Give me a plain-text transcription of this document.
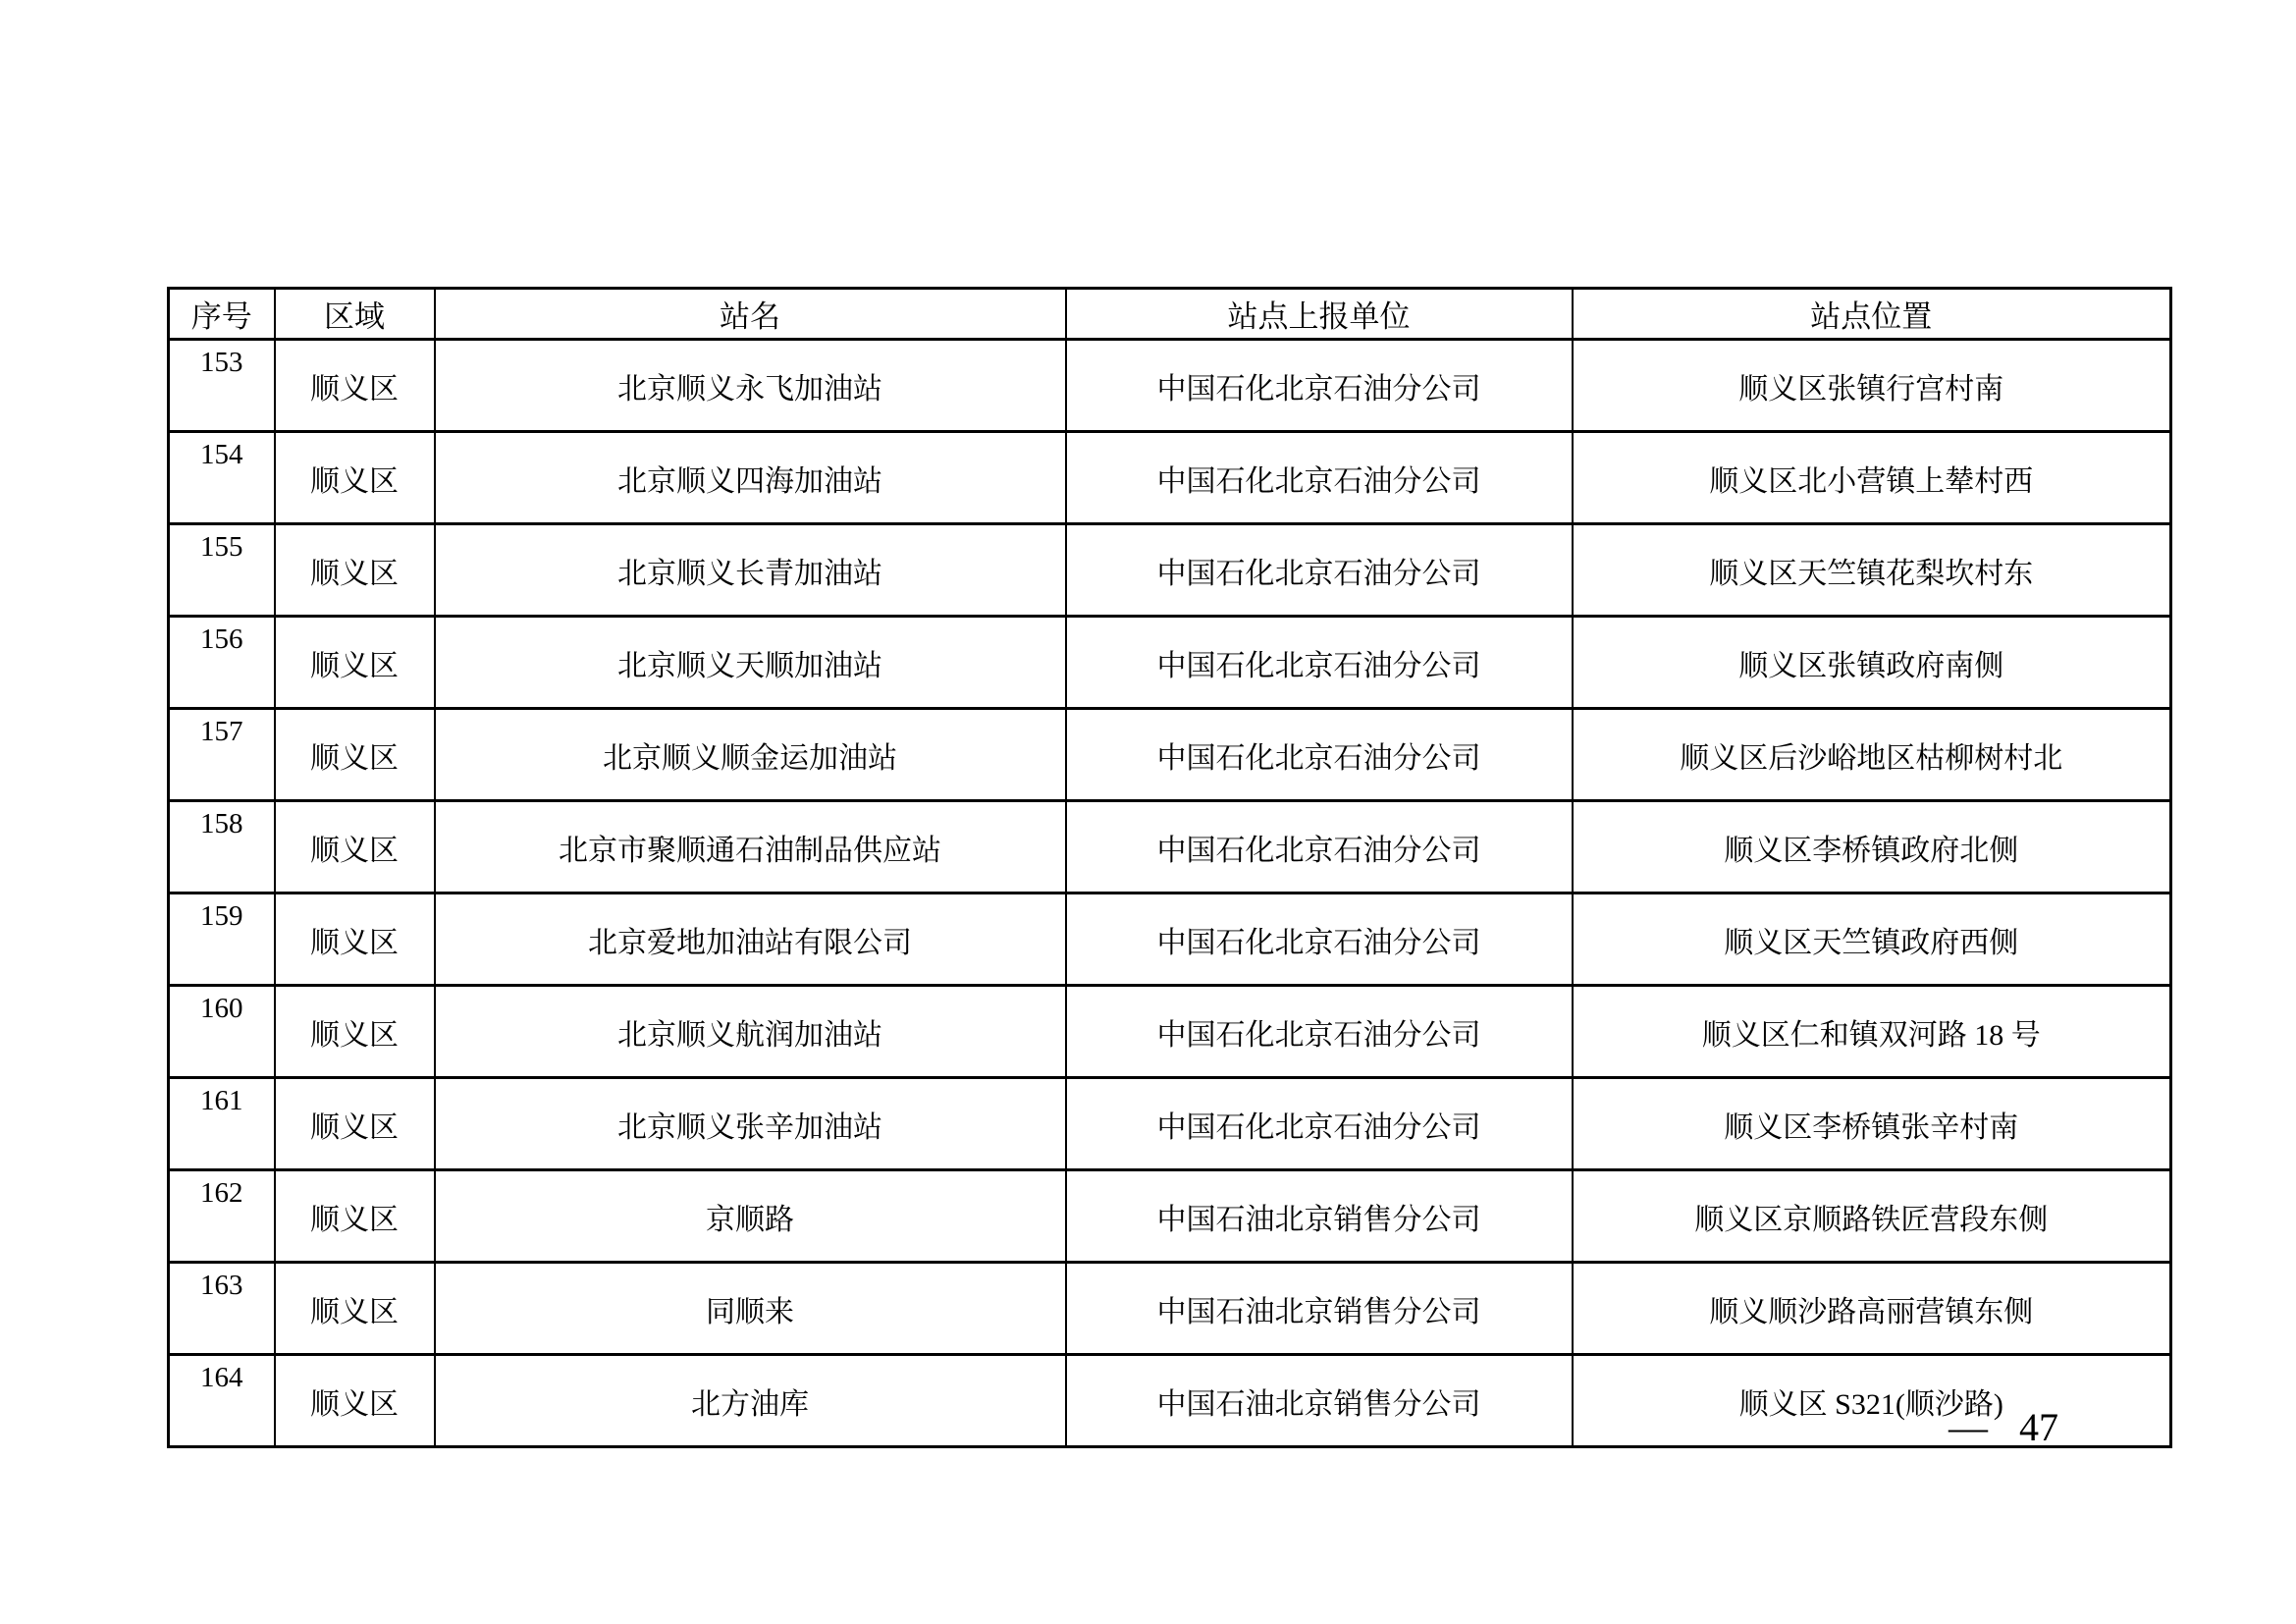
序号	区域	站名	站点上报单位	站点位置
153	顺义区	北京顺义永飞加油站	中国石化北京石油分公司	顺义区张镇行宫村南
154	顺义区	北京顺义四海加油站	中国石化北京石油分公司	顺义区北小营镇上辇村西
155	顺义区	北京顺义长青加油站	中国石化北京石油分公司	顺义区天竺镇花梨坎村东
156	顺义区	北京顺义天顺加油站	中国石化北京石油分公司	顺义区张镇政府南侧
157	顺义区	北京顺义顺金运加油站	中国石化北京石油分公司	顺义区后沙峪地区枯柳树村北
158	顺义区	北京市聚顺通石油制品供应站	中国石化北京石油分公司	顺义区李桥镇政府北侧
159	顺义区	北京爱地加油站有限公司	中国石化北京石油分公司	顺义区天竺镇政府西侧
160	顺义区	北京顺义航润加油站	中国石化北京石油分公司	顺义区仁和镇双河路 18 号
161	顺义区	北京顺义张辛加油站	中国石化北京石油分公司	顺义区李桥镇张辛村南
162	顺义区	京顺路	中国石油北京销售分公司	顺义区京顺路铁匠营段东侧
163	顺义区	同顺来	中国石油北京销售分公司	顺义顺沙路高丽营镇东侧
164	顺义区	北方油库	中国石油北京销售分公司	顺义区 S321(顺沙路)
— 47
